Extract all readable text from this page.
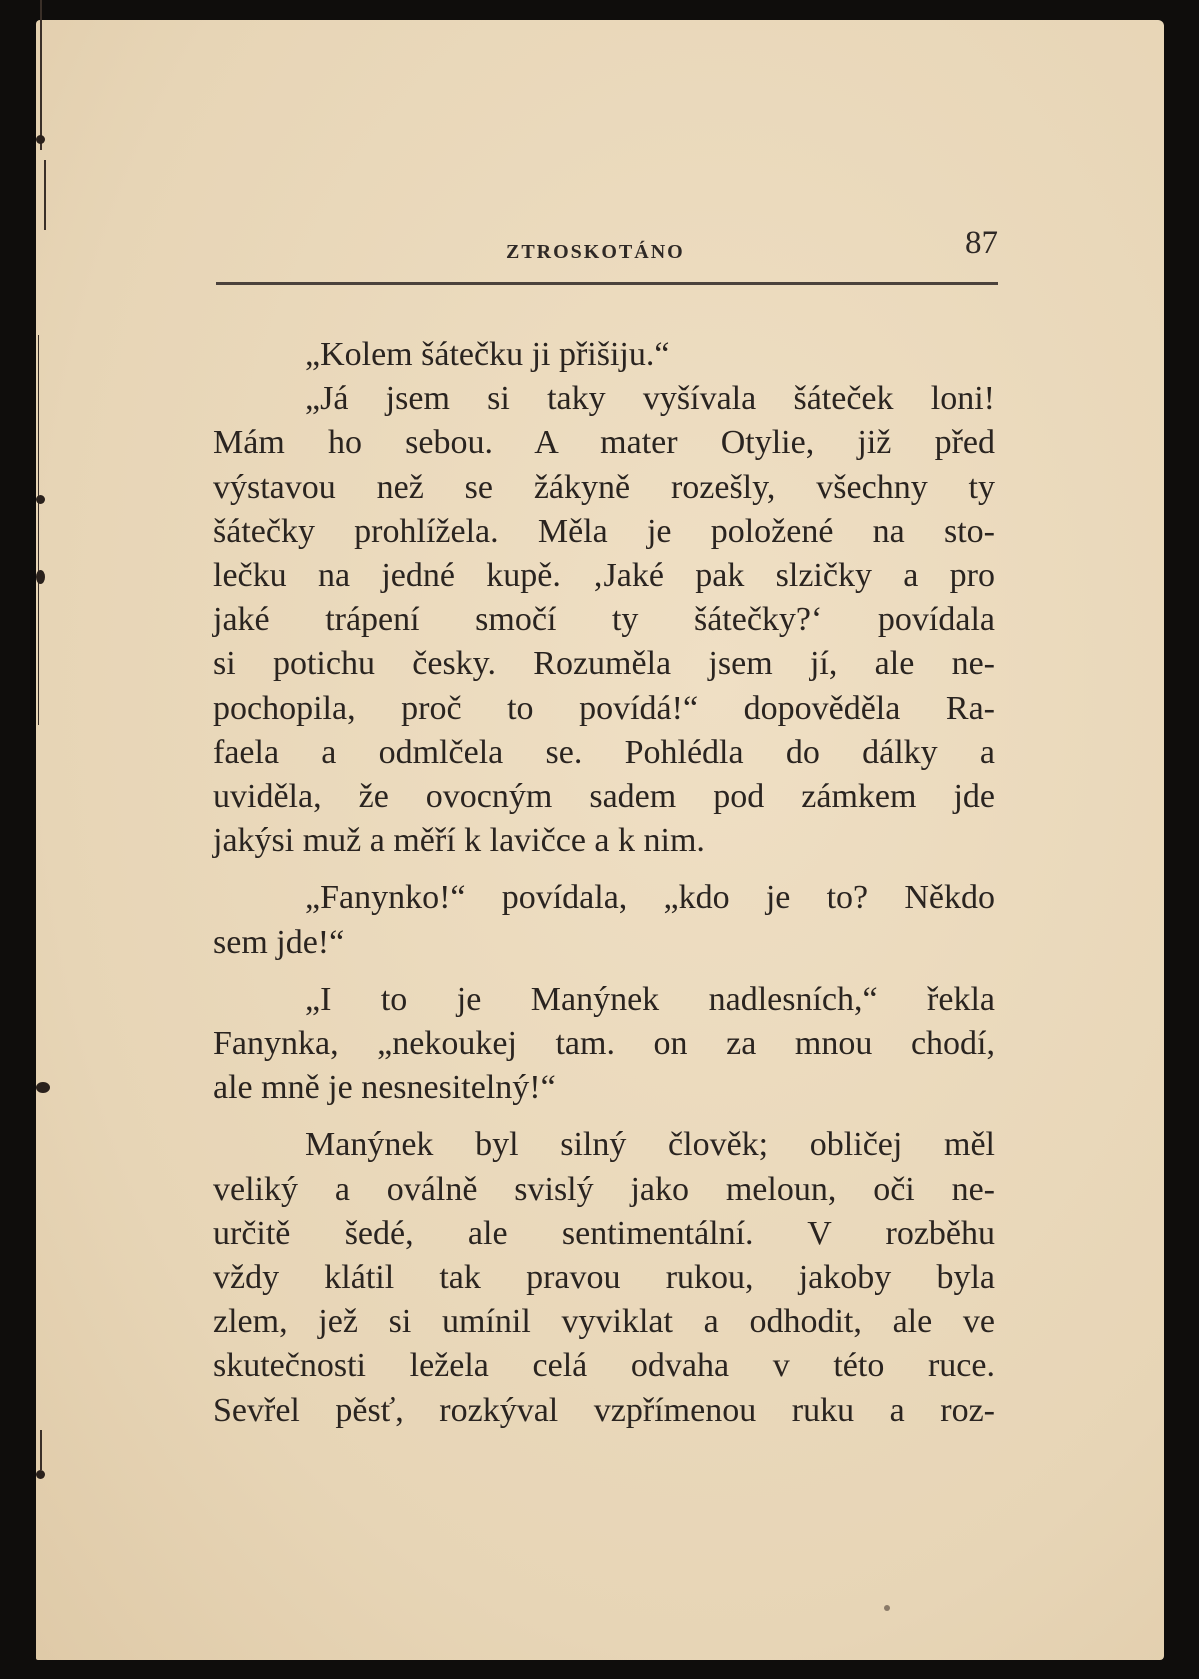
ZTROSKOTÁNO	87

„Kolem šátečku ji přišiju.“

„Já jsem si taky vyšívala šáteček loni!

Mám ho sebou. A mater Otylie, již před

výstavou než se žákyně rozešly, všechny ty

šátečky prohlížela. Měla je položené na sto-

lečku na jedné kupě. ‚Jaké pak slzičky a pro

jaké trápení smočí ty šátečky?‘ povídala

si potichu česky. Rozuměla jsem jí, ale ne-

pochopila, proč to povídá!“ dopověděla Ra-

faela a odmlčela se. Pohlédla do dálky a

uviděla, že ovocným sadem pod zámkem jde

jakýsi muž a měří k lavičce a k nim.

„Fanynko!“ povídala, „kdo je to? Někdo

sem jde!“

„I to je Manýnek nadlesních,“ řekla

Fanynka, „nekoukej tam. on za mnou chodí,

ale mně je nesnesitelný!“

Manýnek byl silný člověk; obličej měl

veliký a oválně svislý jako meloun, oči ne-

určitě šedé, ale sentimentální. V rozběhu

vždy klátil tak pravou rukou, jakoby byla

zlem, jež si umínil vyviklat a odhodit, ale ve

skutečnosti ležela celá odvaha v této ruce.

Sevřel pěsť, rozkýval vzpřímenou ruku a roz-
